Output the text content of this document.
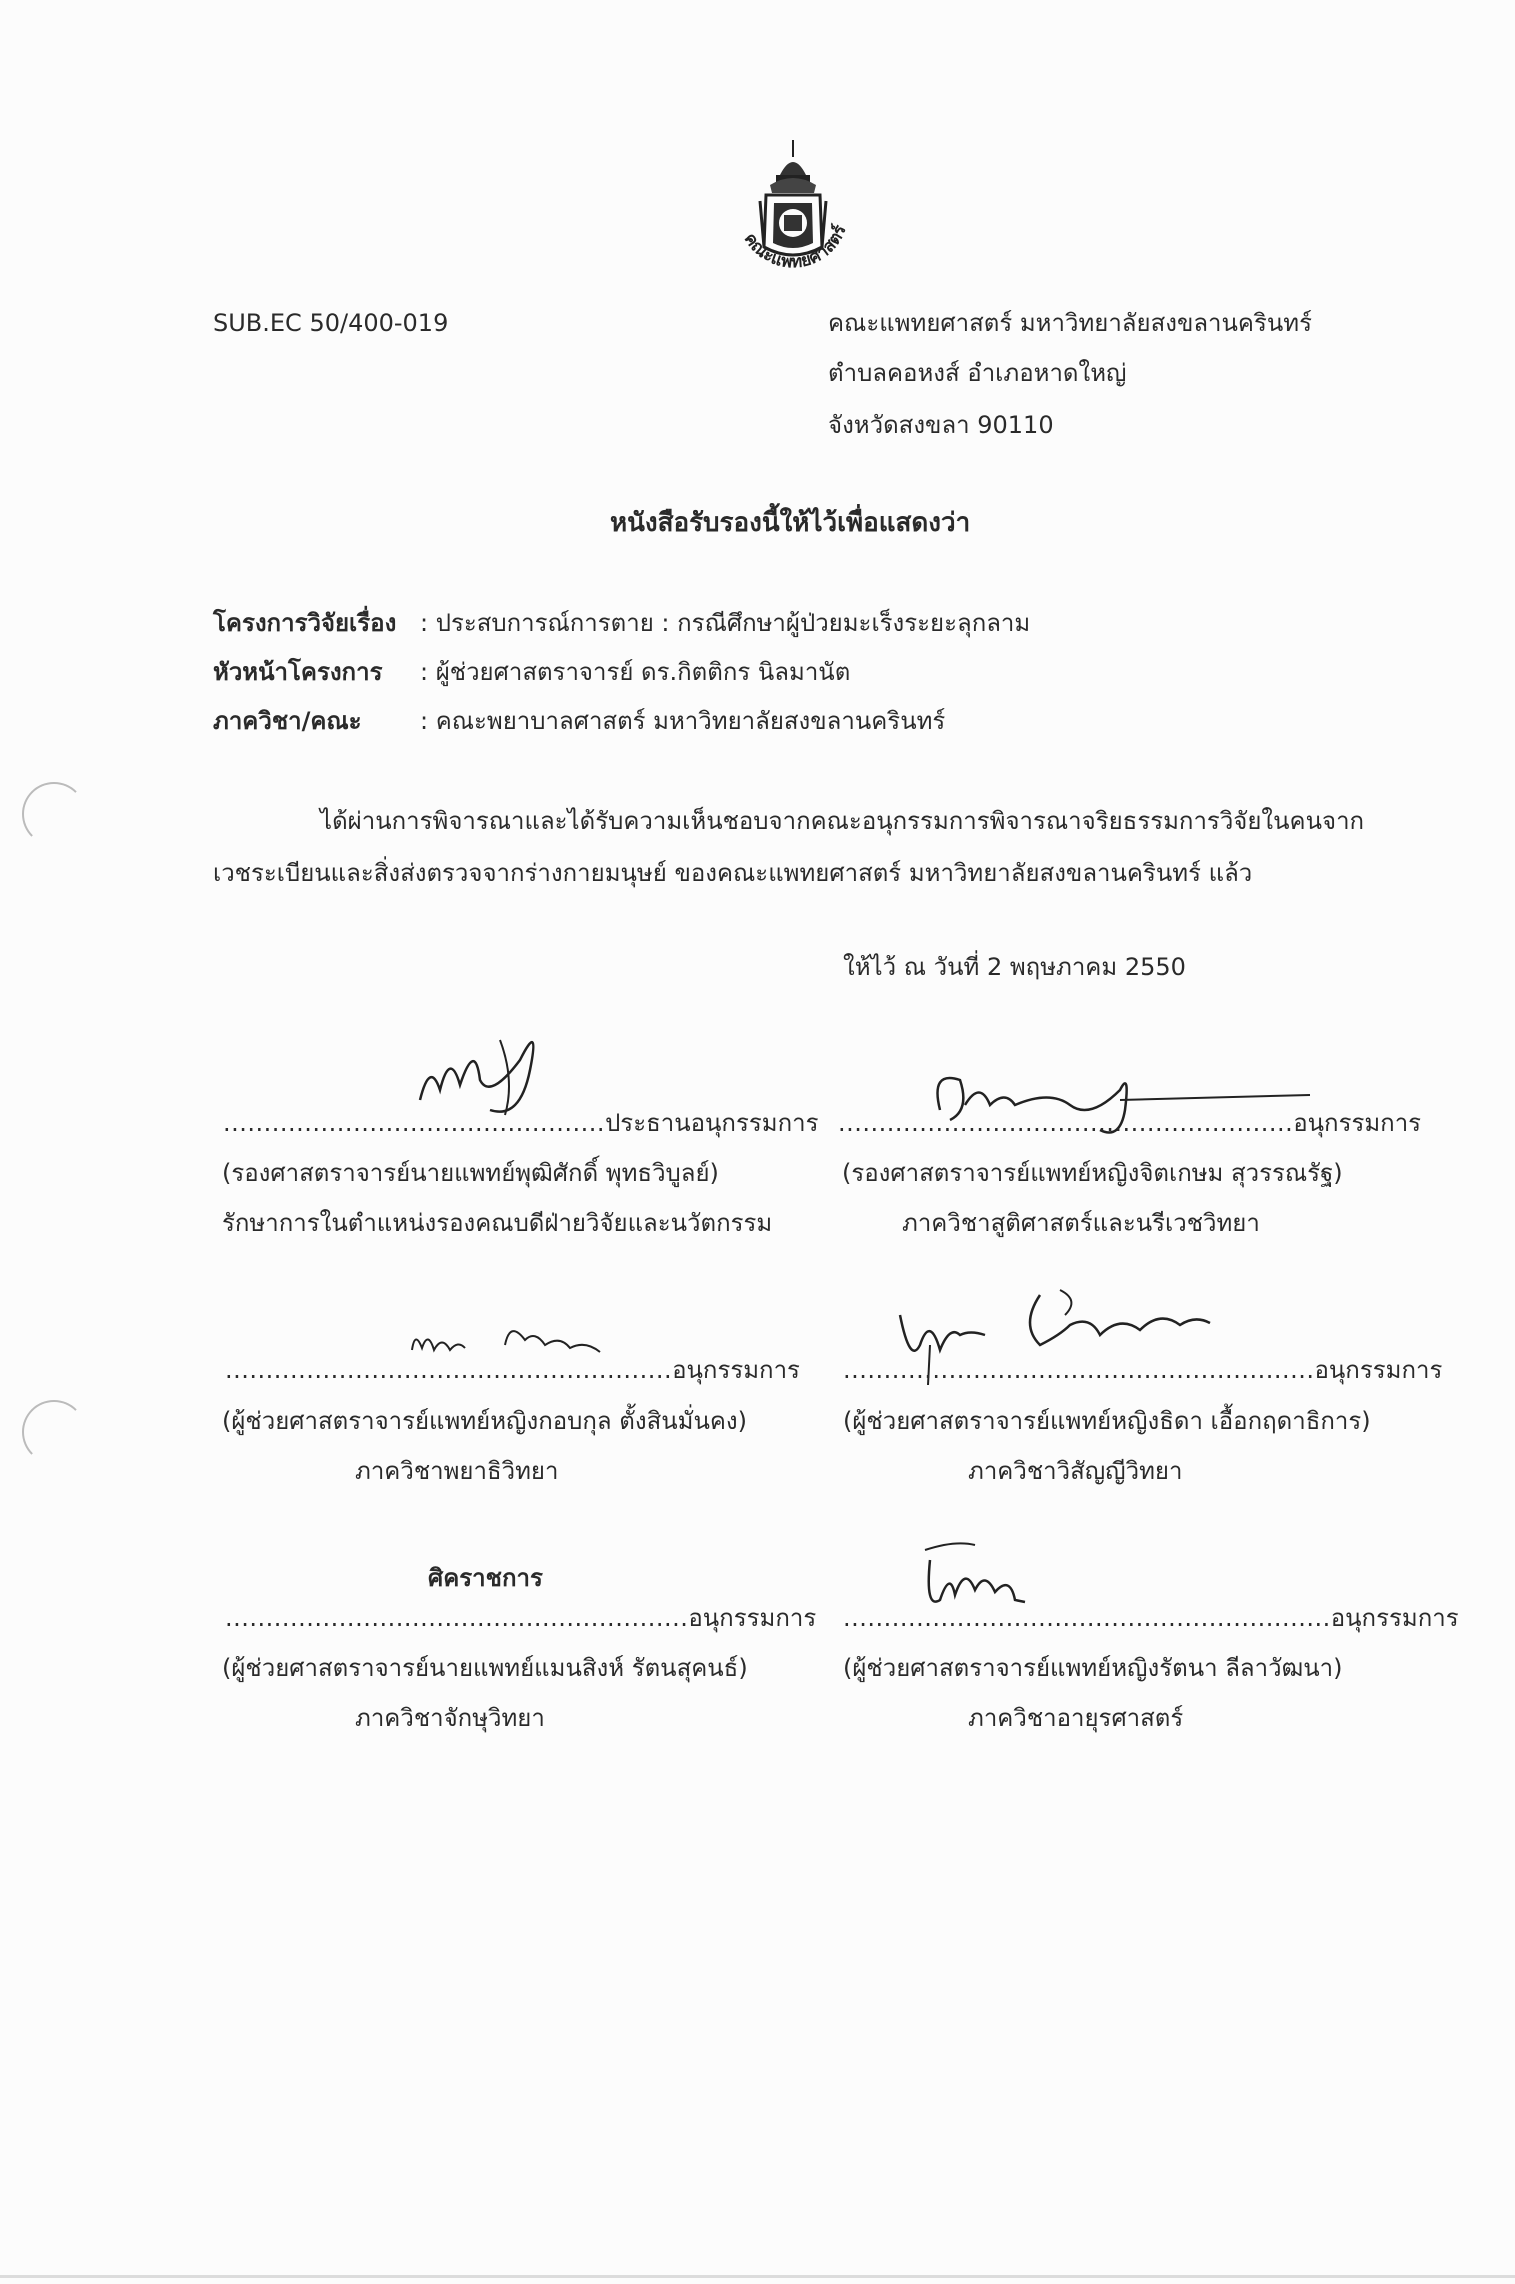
คณะแพทยศาสตร์
SUB.EC 50/400-019	คณะแพทยศาสตร์ มหาวิทยาลัยสงขลานครินทร์
ตำบลคอหงส์ อำเภอหาดใหญ่
จังหวัดสงขลา 90110
หนังสือรับรองนี้ให้ไว้เพื่อแสดงว่า
โครงการวิจัยเรื่อง : ประสบการณ์การตาย : กรณีศึกษาผู้ป่วยมะเร็งระยะลุกลาม
หัวหน้าโครงการ : ผู้ช่วยศาสตราจารย์ ดร.กิตติกร นิลมานัต
ภาควิชา/คณะ : คณะพยาบาลศาสตร์ มหาวิทยาลัยสงขลานครินทร์
ได้ผ่านการพิจารณาและได้รับความเห็นชอบจากคณะอนุกรรมการพิจารณาจริยธรรมการวิจัยในคนจาก
เวชระเบียนและสิ่งส่งตรวจจากร่างกายมนุษย์ ของคณะแพทยศาสตร์ มหาวิทยาลัยสงขลานครินทร์ แล้ว
ให้ไว้ ณ วันที่ 2 พฤษภาคม 2550
...............................................ประธานอนุกรรมการ
(รองศาสตราจารย์นายแพทย์พุฒิศักดิ์ พุทธวิบูลย์)
รักษาการในตำแหน่งรองคณบดีฝ่ายวิจัยและนวัตกรรม
........................................................อนุกรรมการ
(รองศาสตราจารย์แพทย์หญิงจิตเกษม สุวรรณรัฐ)
ภาควิชาสูติศาสตร์และนรีเวชวิทยา
.......................................................อนุกรรมการ
(ผู้ช่วยศาสตราจารย์แพทย์หญิงกอบกุล ตั้งสินมั่นคง)
ภาควิชาพยาธิวิทยา
..........................................................อนุกรรมการ
(ผู้ช่วยศาสตราจารย์แพทย์หญิงธิดา เอื้อกฤดาธิการ)
ภาควิชาวิสัญญีวิทยา
ศิคราชการ
.........................................................อนุกรรมการ
(ผู้ช่วยศาสตราจารย์นายแพทย์แมนสิงห์ รัตนสุคนธ์)
ภาควิชาจักษุวิทยา
............................................................อนุกรรมการ
(ผู้ช่วยศาสตราจารย์แพทย์หญิงรัตนา ลีลาวัฒนา)
ภาควิชาอายุรศาสตร์
